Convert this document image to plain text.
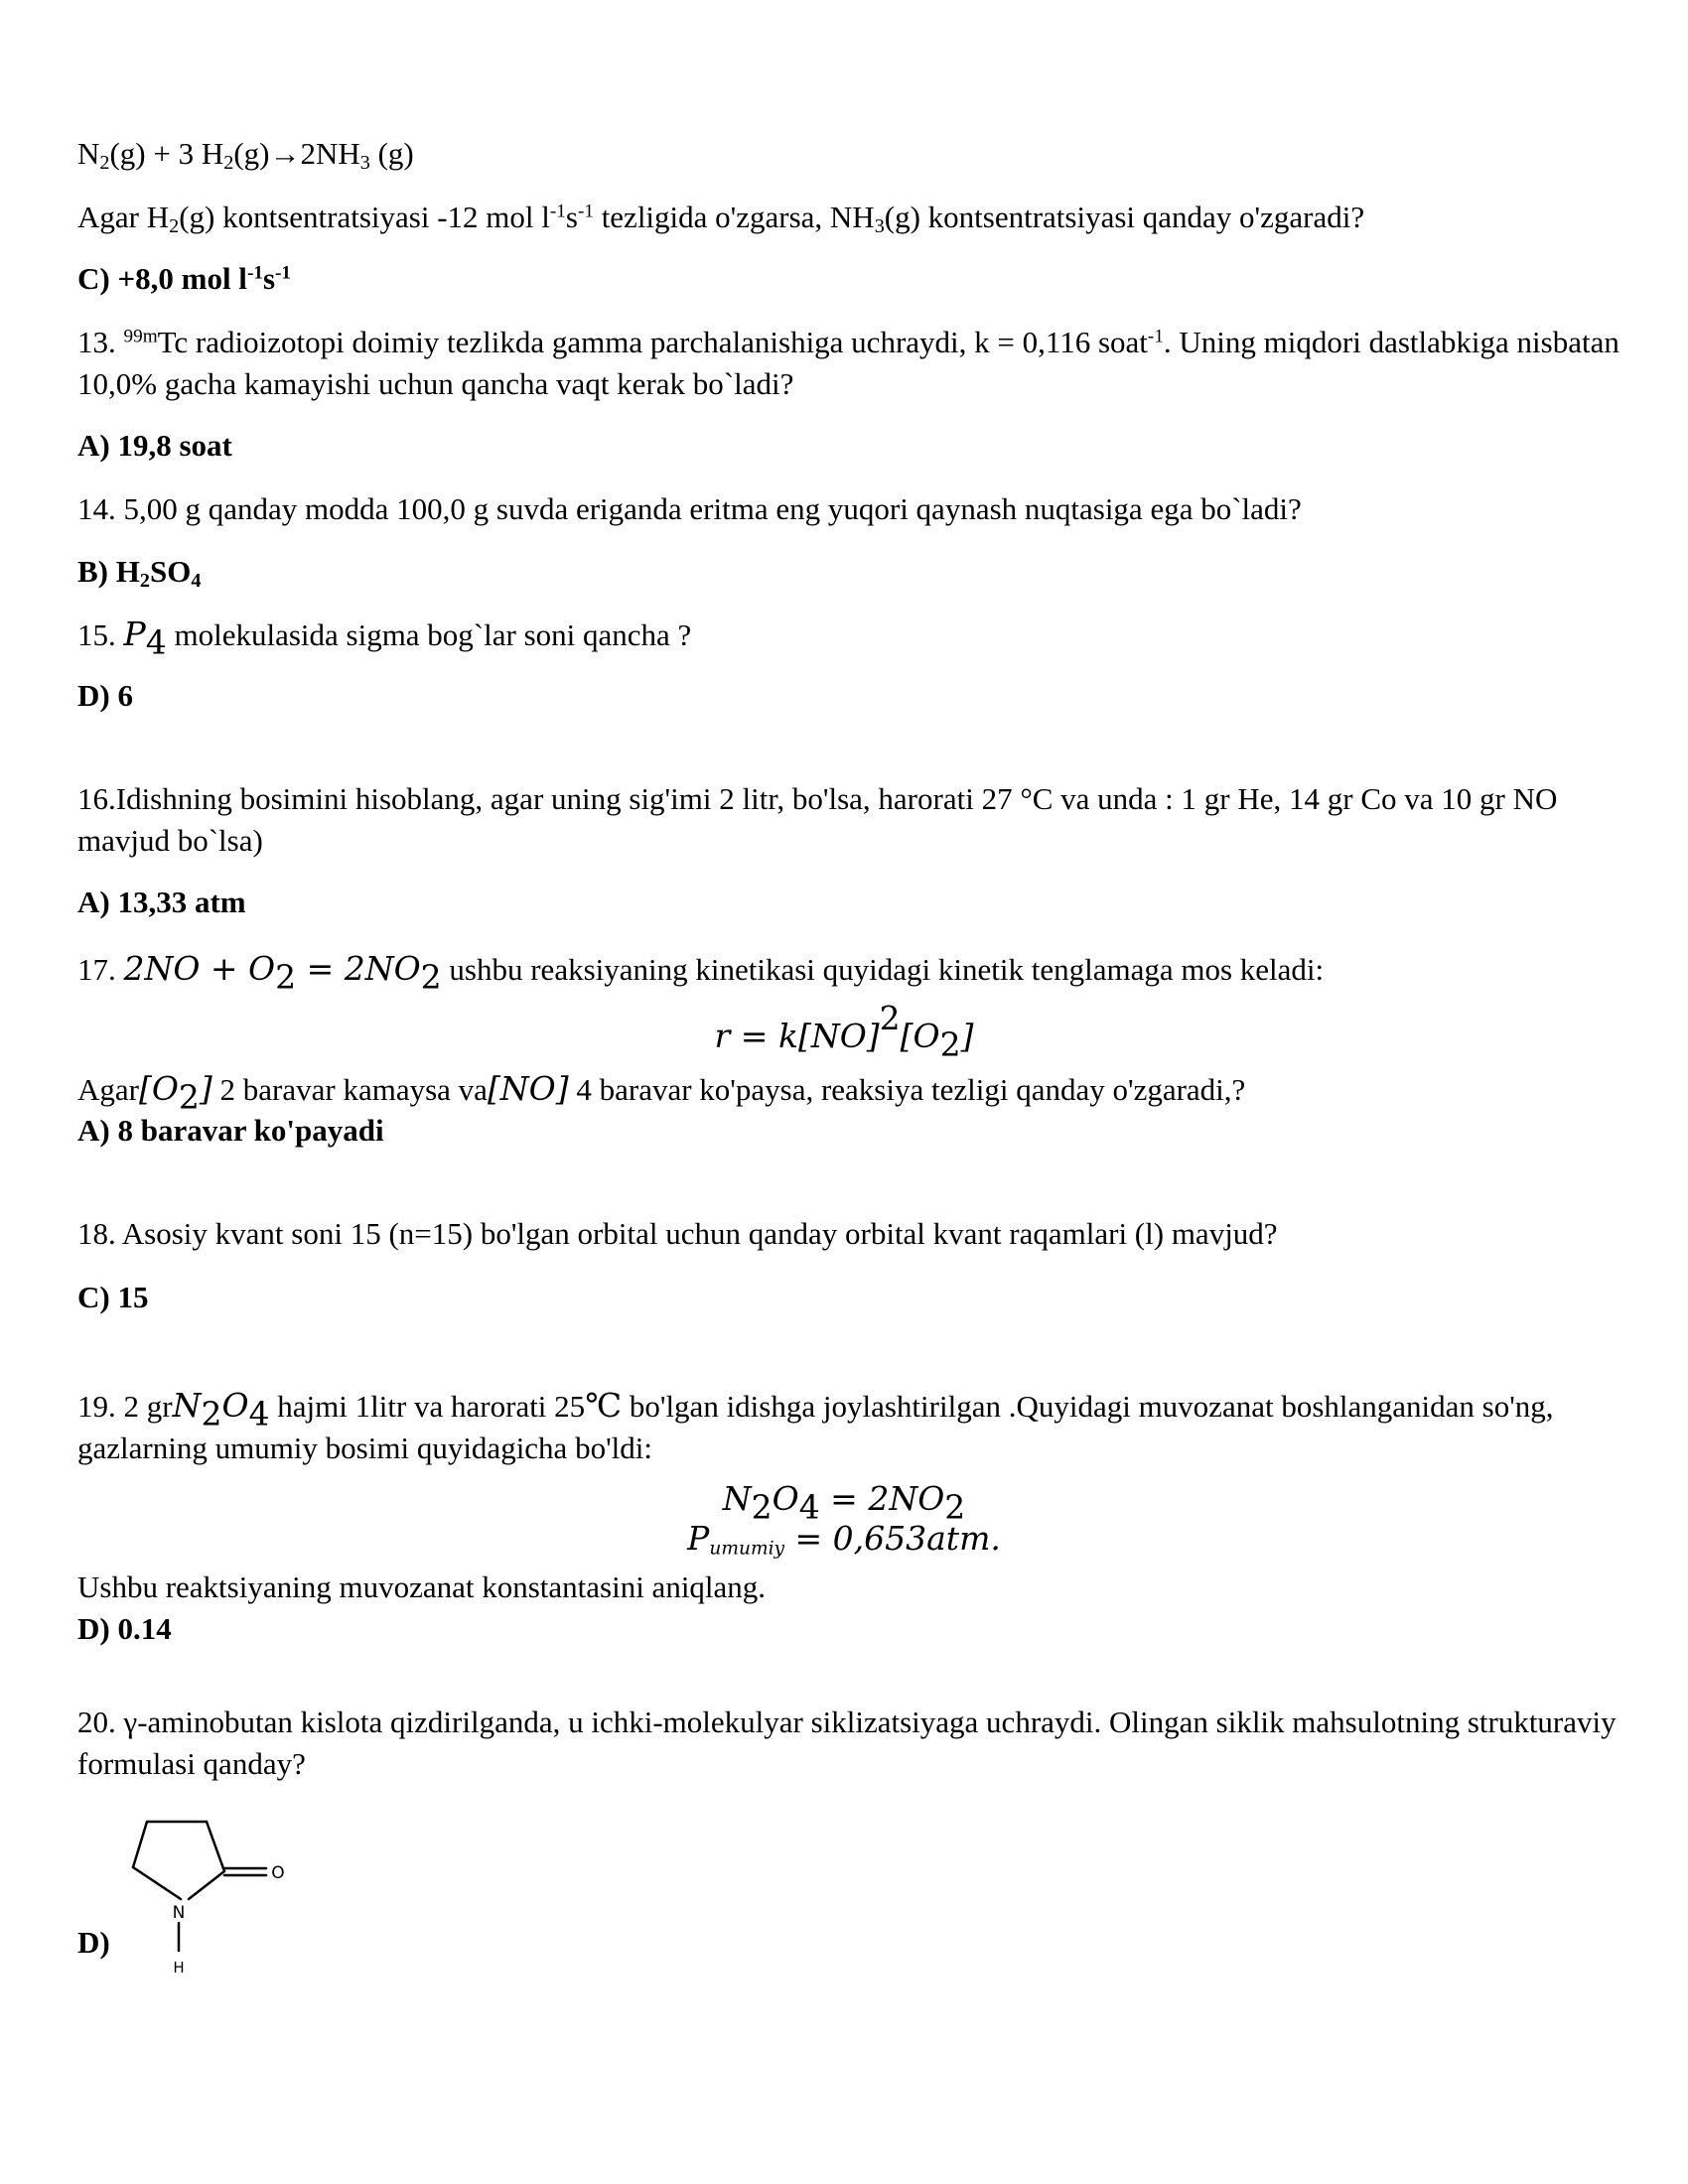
$N_2(g) + 3$ $H_2(g)\to 2NH_3$ (g)
Agar $H_2(g)$ kontsentratsiyasi -12 mol $l^{-1}s^{-1}$ tezligida o'zgarsa, $NH_3(g)$ kontsentratsiyasi qanday o'zgaradi?
C) +8,0 mol $l^{-1}s^{-1}$
13. $^{99m}$Tc radioizotopi doimiy tezlikda gamma parchalanishiga uchraydi, k = 0,116 soat$^{-1}$. Uning miqdori dastlabkiga nisbatan 10,0% gacha kamayishi uchun qancha vaqt kerak bo`ladi?
A) 19,8 soat
14. 5,00 g qanday modda 100,0 g suvda eriganda eritma eng yuqori qaynash nuqtasiga ega bo`ladi?
B) $H_2SO_4$
15. $P_4$ molekulasida sigma bog`lar soni qancha ?
D) 6
16.Idishning bosimini hisoblang, agar uning sig'imi 2 litr, bo'lsa, harorati 27 °C va unda : 1 gr He, 14 gr Co va 10 gr NO mavjud bo`lsa)
A) 13,33 atm
17. $2NO + O_2 = 2NO_2$ ushbu reaksiyaning kinetikasi quyidagi kinetik tenglamaga mos keladi:
$r = k[NO]^2[O_2]$
$Agar[O_2]$ 2 baravar kamaysa va[NO] 4 baravar ko'paysa, reaksiya tezligi qanday o'zgaradi,?
A) 8 baravar ko'payadi
18. Asosiy kvant soni 15 (n=15) bo'lgan orbital uchun qanday orbital kvant raqamlari (l) mavjud?
C) 15
19. 2 $grN_2O_4$ hajmi 1litr va harorati 25℃ bo'lgan idishga joylashtirilgan .Quyidagi muvozanat boshlanganidan so'ng, gazlarning umumiy bosimi quyidagicha bo'ldi:
$N_2O_4 = 2NO_2$
$P_{umumiy} = 0,653atm$.
Ushbu reaktsiyaning muvozanat konstantasini aniqlang.
D) 0.14
20. γ-aminobutan kislota qizdirilganda, u ichki-molekulyar siklizatsiyaga uchraydi. Olingan siklik mahsulotning strukturaviy formulasi qanday?
N
H
O
D)
